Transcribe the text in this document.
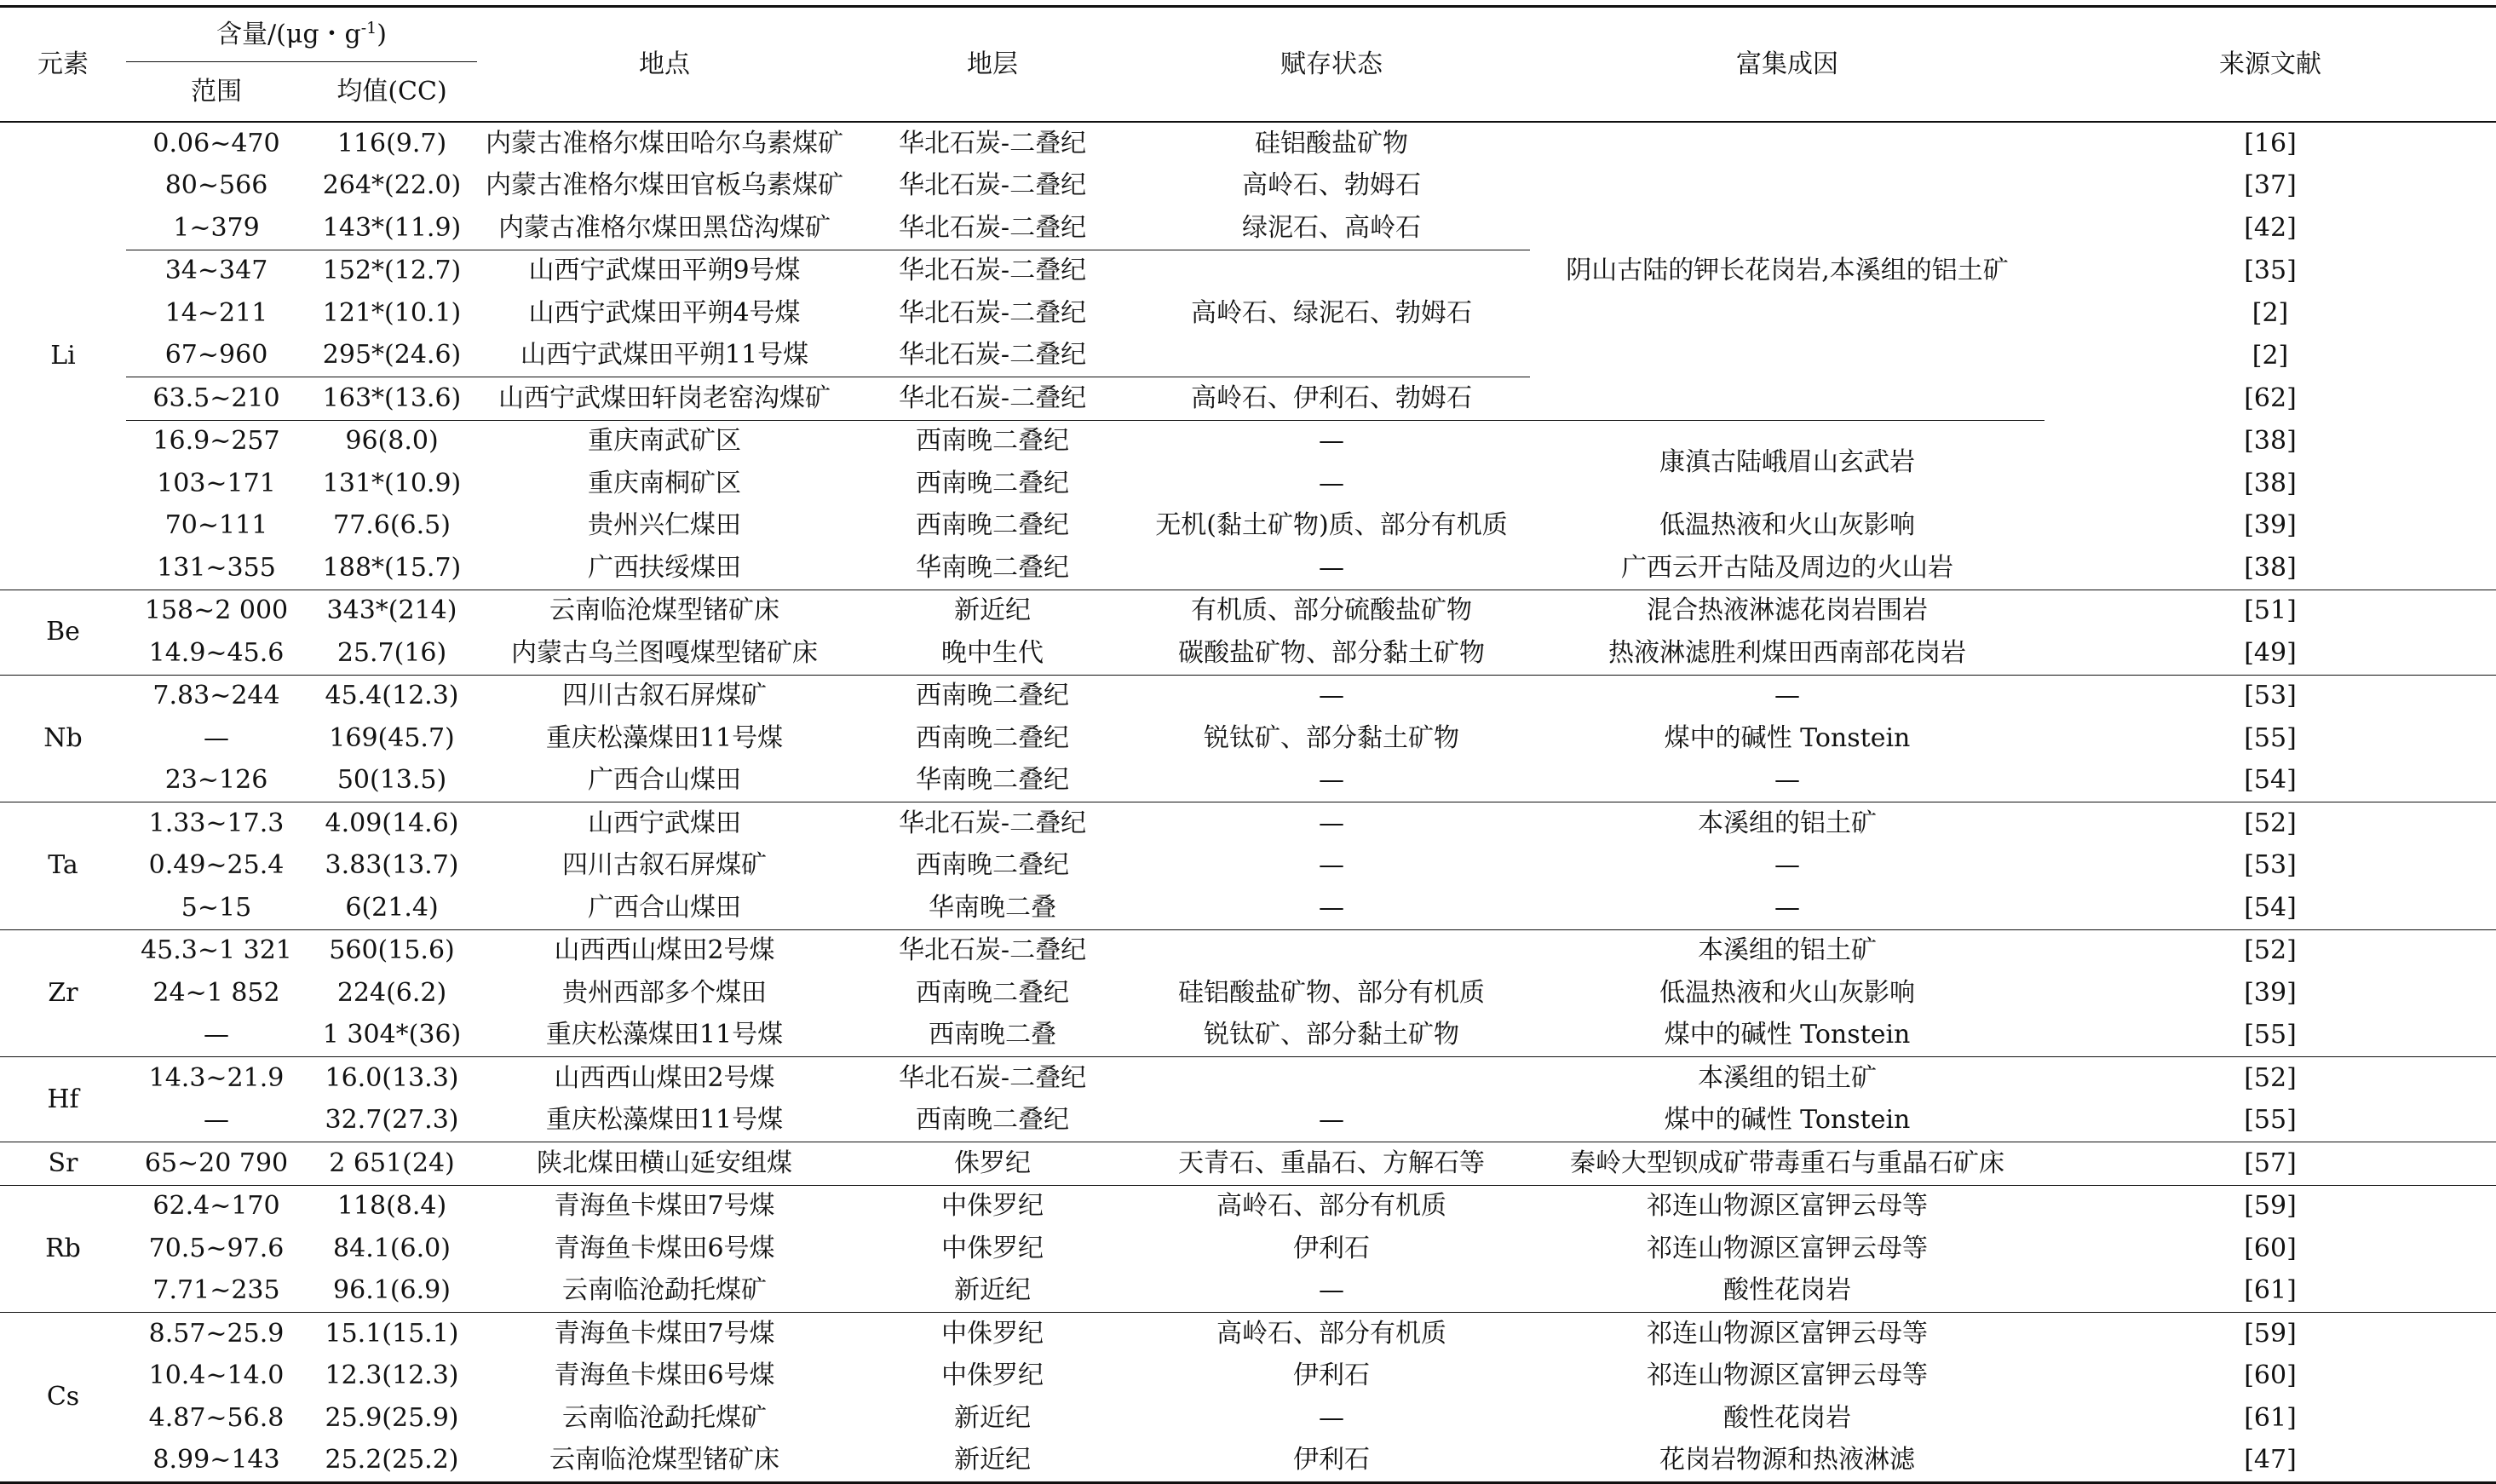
元素	含量/(μg・$g^{-1}$)		地点	地层	赋存状态	富集成因	来源文献
	范围	均值(CC)					
Li	0.06~470	116(9.7)	内蒙古准格尔煤田哈尔乌素煤矿	华北石炭-二叠纪	硅铝酸盐矿物	阴山古陆的钾长花岗岩,本溪组的铝土矿	[16]
	80~566	264*(22.0)	内蒙古准格尔煤田官板乌素煤矿	华北石炭-二叠纪	高岭石、勃姆石		[37]
	1~379	143*(11.9)	内蒙古准格尔煤田黑岱沟煤矿	华北石炭-二叠纪	绿泥石、高岭石		[42]
	34~347	152*(12.7)	山西宁武煤田平朔9号煤	华北石炭-二叠纪	高岭石、绿泥石、勃姆石		[35]
	14~211	121*(10.1)	山西宁武煤田平朔4号煤	华北石炭-二叠纪			[2]
	67~960	295*(24.6)	山西宁武煤田平朔11号煤	华北石炭-二叠纪			[2]
	63.5~210	163*(13.6)	山西宁武煤田轩岗老窑沟煤矿	华北石炭-二叠纪	高岭石、伊利石、勃姆石		[62]
	16.9~257	96(8.0)	重庆南武矿区	西南晚二叠纪	—	康滇古陆峨眉山玄武岩	[38]
	103~171	131*(10.9)	重庆南桐矿区	西南晚二叠纪	—		[38]
	70~111	77.6(6.5)	贵州兴仁煤田	西南晚二叠纪	无机(黏土矿物)质、部分有机质	低温热液和火山灰影响	[39]
	131~355	188*(15.7)	广西扶绥煤田	华南晚二叠纪	—	广西云开古陆及周边的火山岩	[38]
Be	158~2 000	343*(214)	云南临沧煤型锗矿床	新近纪	有机质、部分硫酸盐矿物	混合热液淋滤花岗岩围岩	[51]
	14.9~45.6	25.7(16)	内蒙古乌兰图嘎煤型锗矿床	晚中生代	碳酸盐矿物、部分黏土矿物	热液淋滤胜利煤田西南部花岗岩	[49]
Nb	7.83~244	45.4(12.3)	四川古叙石屏煤矿	西南晚二叠纪	—	—	[53]
	—	169(45.7)	重庆松藻煤田11号煤	西南晚二叠纪	锐钛矿、部分黏土矿物	煤中的碱性 Tonstein	[55]
	23~126	50(13.5)	广西合山煤田	华南晚二叠纪	—	—	[54]
Ta	1.33~17.3	4.09(14.6)	山西宁武煤田	华北石炭-二叠纪	—	本溪组的铝土矿	[52]
	0.49~25.4	3.83(13.7)	四川古叙石屏煤矿	西南晚二叠纪	—	—	[53]
	5~15	6(21.4)	广西合山煤田	华南晚二叠	—	—	[54]
Zr	45.3~1 321	560(15.6)	山西西山煤田2号煤	华北石炭-二叠纪		本溪组的铝土矿	[52]
	24~1 852	224(6.2)	贵州西部多个煤田	西南晚二叠纪	硅铝酸盐矿物、部分有机质	低温热液和火山灰影响	[39]
	—	1 304*(36)	重庆松藻煤田11号煤	西南晚二叠	锐钛矿、部分黏土矿物	煤中的碱性 Tonstein	[55]
Hf	14.3~21.9	16.0(13.3)	山西西山煤田2号煤	华北石炭-二叠纪		本溪组的铝土矿	[52]
	—	32.7(27.3)	重庆松藻煤田11号煤	西南晚二叠纪	—	煤中的碱性 Tonstein	[55]
Sr	65~20 790	2 651(24)	陕北煤田横山延安组煤	侏罗纪	天青石、重晶石、方解石等	秦岭大型钡成矿带毒重石与重晶石矿床	[57]
Rb	62.4~170	118(8.4)	青海鱼卡煤田7号煤	中侏罗纪	高岭石、部分有机质	祁连山物源区富钾云母等	[59]
	70.5~97.6	84.1(6.0)	青海鱼卡煤田6号煤	中侏罗纪	伊利石	祁连山物源区富钾云母等	[60]
	7.71~235	96.1(6.9)	云南临沧勐托煤矿	新近纪	—	酸性花岗岩	[61]
Cs	8.57~25.9	15.1(15.1)	青海鱼卡煤田7号煤	中侏罗纪	高岭石、部分有机质	祁连山物源区富钾云母等	[59]
	10.4~14.0	12.3(12.3)	青海鱼卡煤田6号煤	中侏罗纪	伊利石	祁连山物源区富钾云母等	[60]
	4.87~56.8	25.9(25.9)	云南临沧勐托煤矿	新近纪	—	酸性花岗岩	[61]
	8.99~143	25.2(25.2)	云南临沧煤型锗矿床	新近纪	伊利石	花岗岩物源和热液淋滤	[47]
